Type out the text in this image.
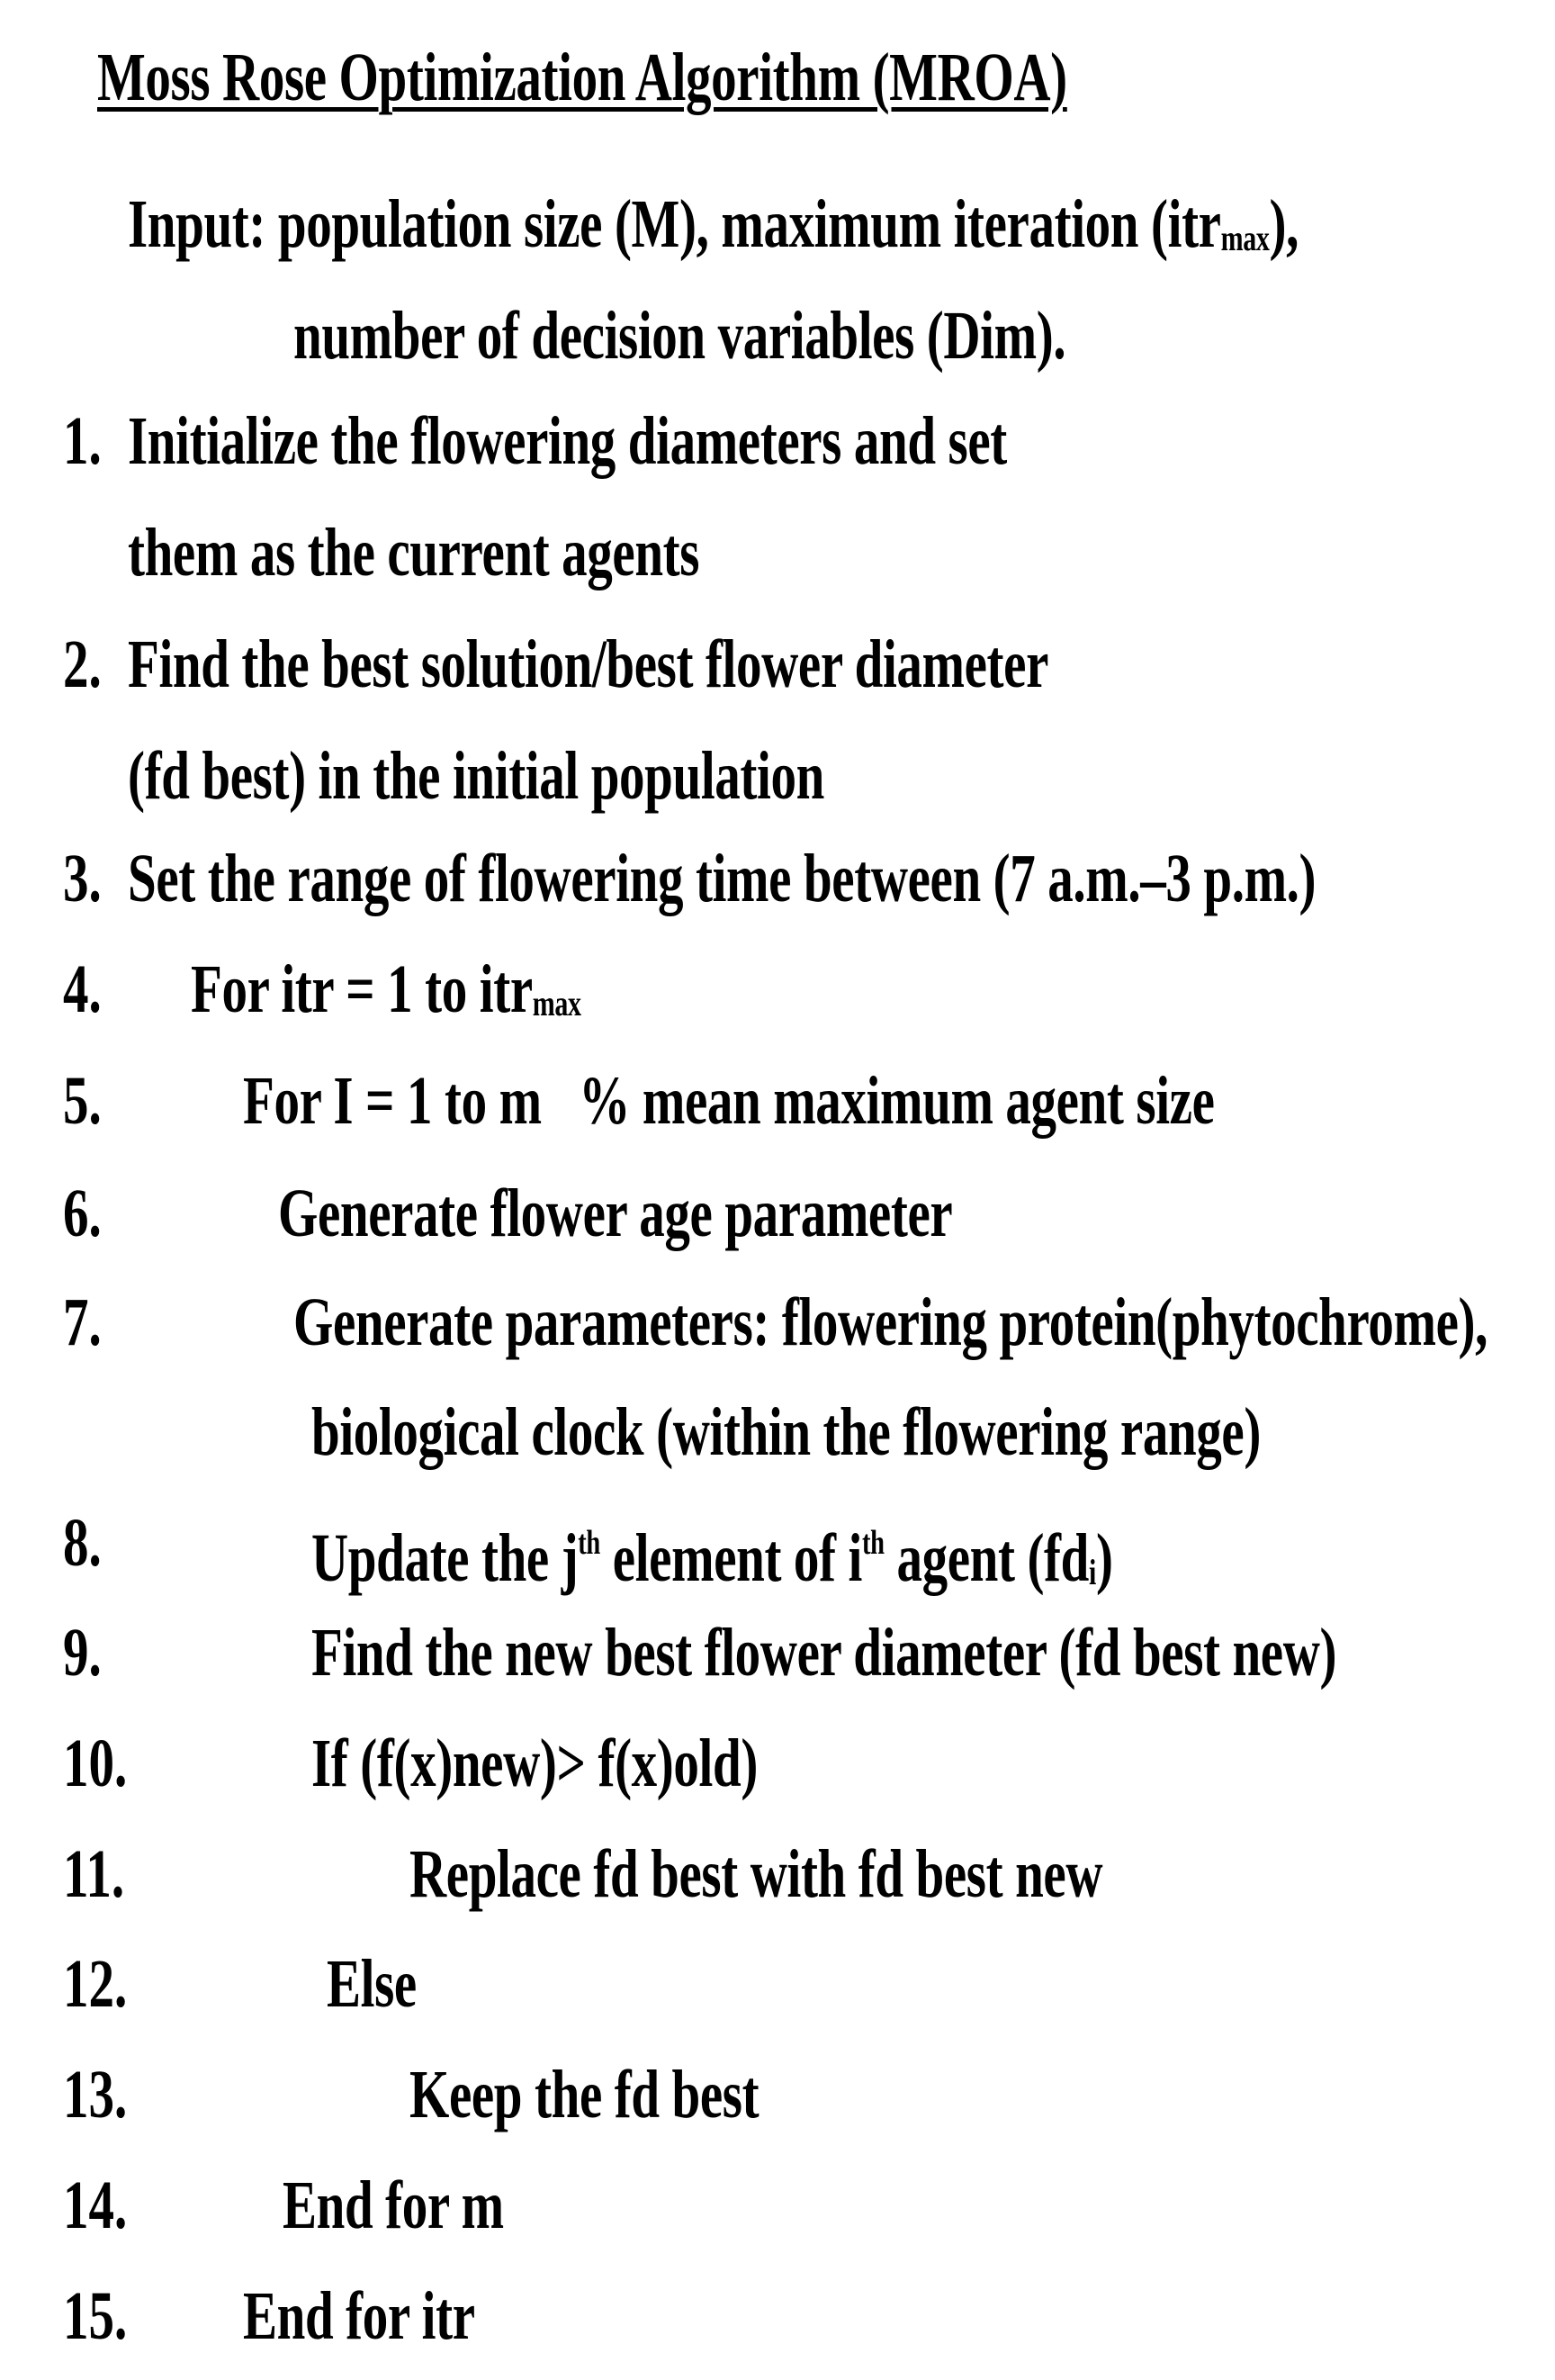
Moss Rose Optimization Algorithm (MROA)
Input: population size (M), maximum iteration (itrmax),
number of decision variables (Dim).
1. Initialize the flowering diameters and set
them as the current agents
2. Find the best solution/best flower diameter
(fd best) in the initial population
3. Set the range of flowering time between (7 a.m.–3 p.m.)
4. For itr = 1 to itrmax
5. For I = 1 to m   % mean maximum agent size
6.	Generate flower age parameter
7.	Generate parameters: flowering protein(phytochrome),
biological clock (within the flowering range)
8.	Update the $j^{th}$ element of $i^{th}$ agent (fdi)
9.	Find the new best flower diameter (fd best new)
10.	If (f(x)new)> f(x)old)
11.	Replace fd best with fd best new
12.	Else
13.	Keep the fd best
14. End for m
15. End for itr
